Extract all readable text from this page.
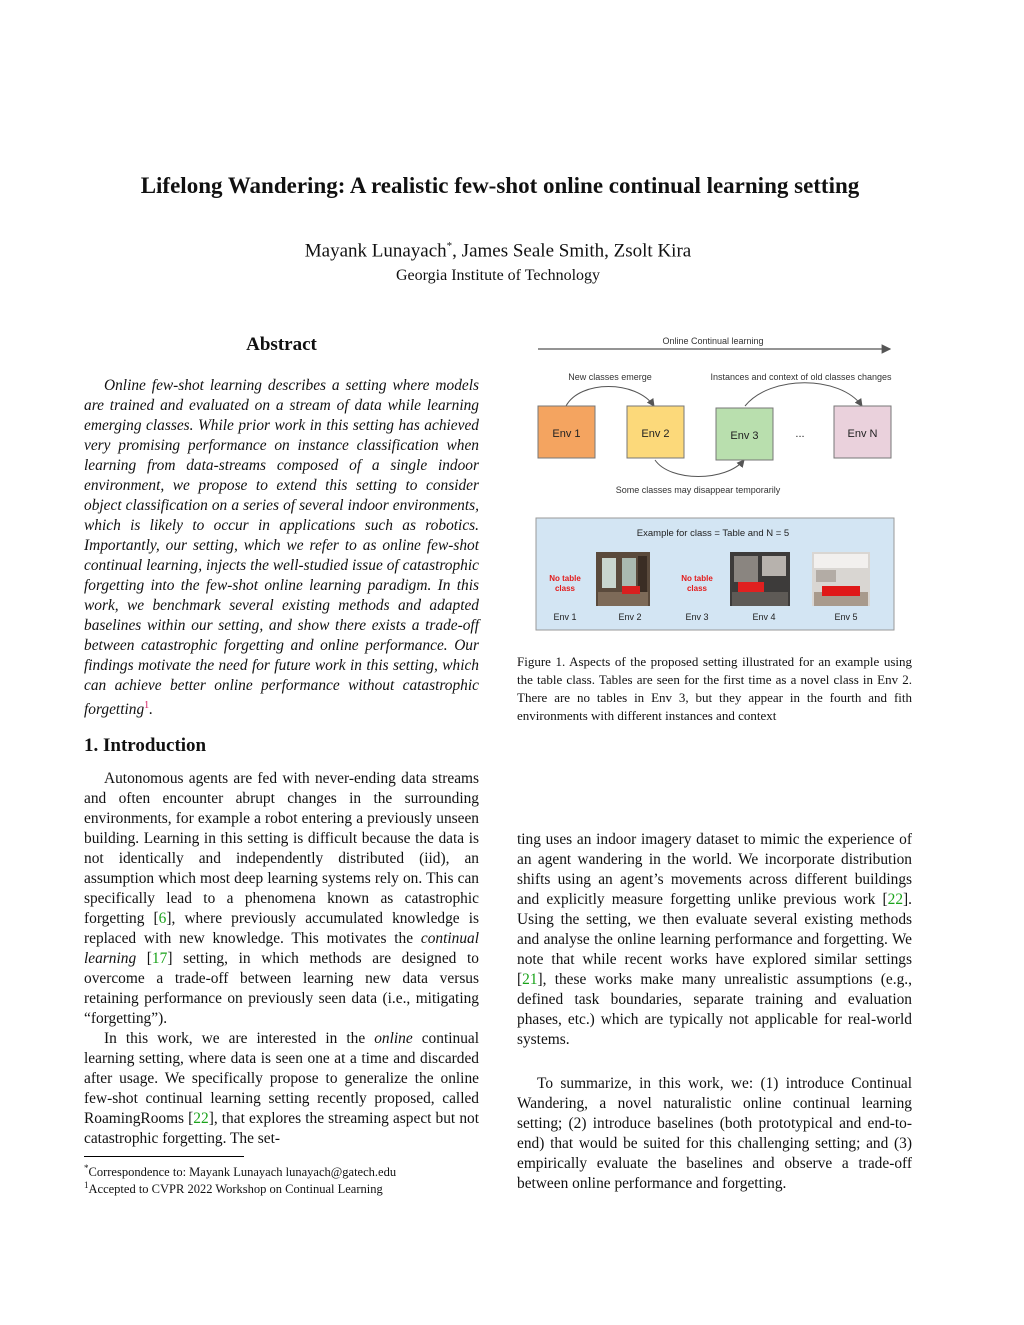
Lifelong Wandering: A realistic few-shot online continual learning setting
Mayank Lunayach*, James Seale Smith, Zsolt Kira
Georgia Institute of Technology
Abstract

Online few-shot learning describes a setting where models are trained and evaluated on a stream of data while learning emerging classes. While prior work in this setting has achieved very promising performance on instance classification when learning from data-streams composed of a single indoor environment, we propose to extend this setting to consider object classification on a series of several indoor environments, which is likely to occur in applications such as robotics. Importantly, our setting, which we refer to as online few-shot continual learning, injects the well-studied issue of catastrophic forgetting into the few-shot online learning paradigm. In this work, we benchmark several existing methods and adapted baselines within our setting, and show there exists a trade-off between catastrophic forgetting and online performance. Our findings motivate the need for future work in this setting, which can achieve better online performance without catastrophic forgetting$^1$.

1. Introduction

Autonomous agents are fed with never-ending data streams and often encounter abrupt changes in the surrounding environments, for example a robot entering a previously unseen building. Learning in this setting is difficult because the data is not identically and independently distributed (iid), an assumption which most deep learning systems rely on. This can specifically lead to a phenomena known as catastrophic forgetting [6], where previously accumulated knowledge is replaced with new knowledge. This motivates the continual learning [17] setting, in which methods are designed to overcome a trade-off between learning new data versus retaining performance on previously seen data (i.e., mitigating “forgetting”).

In this work, we are interested in the online continual learning setting, where data is seen one at a time and discarded after usage. We specifically propose to generalize the online few-shot continual learning setting recently proposed, called RoamingRooms [22], that explores the streaming aspect but not catastrophic forgetting. The set-

*Correspondence to: Mayank Lunayach lunayach@gatech.edu
$^1$Accepted to CVPR 2022 Workshop on Continual Learning
Online Continual learning
New classes emerge	Instances and context of old classes changes
Some classes may disappear temporarily
Env 1	Env 2	Env 3	...	Env N
Example for class = Table and N = 5
No table
class
No table
class
Env 1	Env 2	Env 3	Env 4	Env 5
Figure 1. Aspects of the proposed setting illustrated for an example using the table class. Tables are seen for the first time as a novel class in Env 2. There are no tables in Env 3, but they appear in the fourth and fith environments with different instances and context

ting uses an indoor imagery dataset to mimic the experience of an agent wandering in the world. We incorporate distribution shifts using an agent’s movements across different buildings and explicitly measure forgetting unlike previous work [22]. Using the setting, we then evaluate several existing methods and analyse the online learning performance and forgetting. We note that while recent works have explored similar settings [21], these works make many unrealistic assumptions (e.g., defined task boundaries, separate training and evaluation phases, etc.) which are typically not applicable for real-world systems.

To summarize, in this work, we: (1) introduce Continual Wandering, a novel naturalistic online continual learning setting; (2) introduce baselines (both prototypical and end-to-end) that would be suited for this challenging setting; and (3) empirically evaluate the baselines and observe a trade-off between online performance and forgetting.
